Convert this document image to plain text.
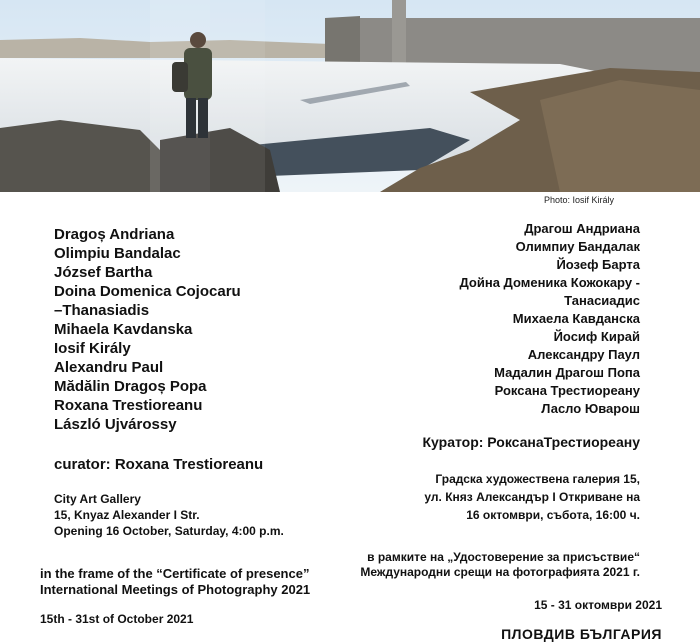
Photo: Iosif Király
Dragoș Andriana
Olimpiu Bandalac
József Bartha
Doina Domenica Cojocaru
–Thanasiadis
Mihaela Kavdanska
Iosif Király
Alexandru Paul
Mădălin Dragoș Popa
Roxana Trestioreanu
László Ujvárossy
Драгош Андриана
Олимпиу Бандалак
Йозеф Барта
Дойна Доменика Кожокару -
Танасиадис
Михаела Кавданска
Йосиф Кирай
Александру Паул
Мадалин Драгош Попа
Роксана Трестиореану
Ласло Юварош
curator: Roxana Trestioreanu
City Art Gallery
15, Knyaz Alexander I Str.
Opening 16 October, Saturday, 4:00 p.m.
in the frame of the “Certificate of presence”
International Meetings of Photography 2021
15th - 31st of October 2021
Куратор: РоксанаТрестиореану
Градска художествена галерия 15,
ул. Княз Александър I Откриване на
16 октомври, събота, 16:00 ч.
в рамките на „Удостоверение за присъствие“
Международни срещи на фотографията 2021 г.
15 - 31 октомври 2021
ПЛОВДИВ БЪЛГАРИЯ
